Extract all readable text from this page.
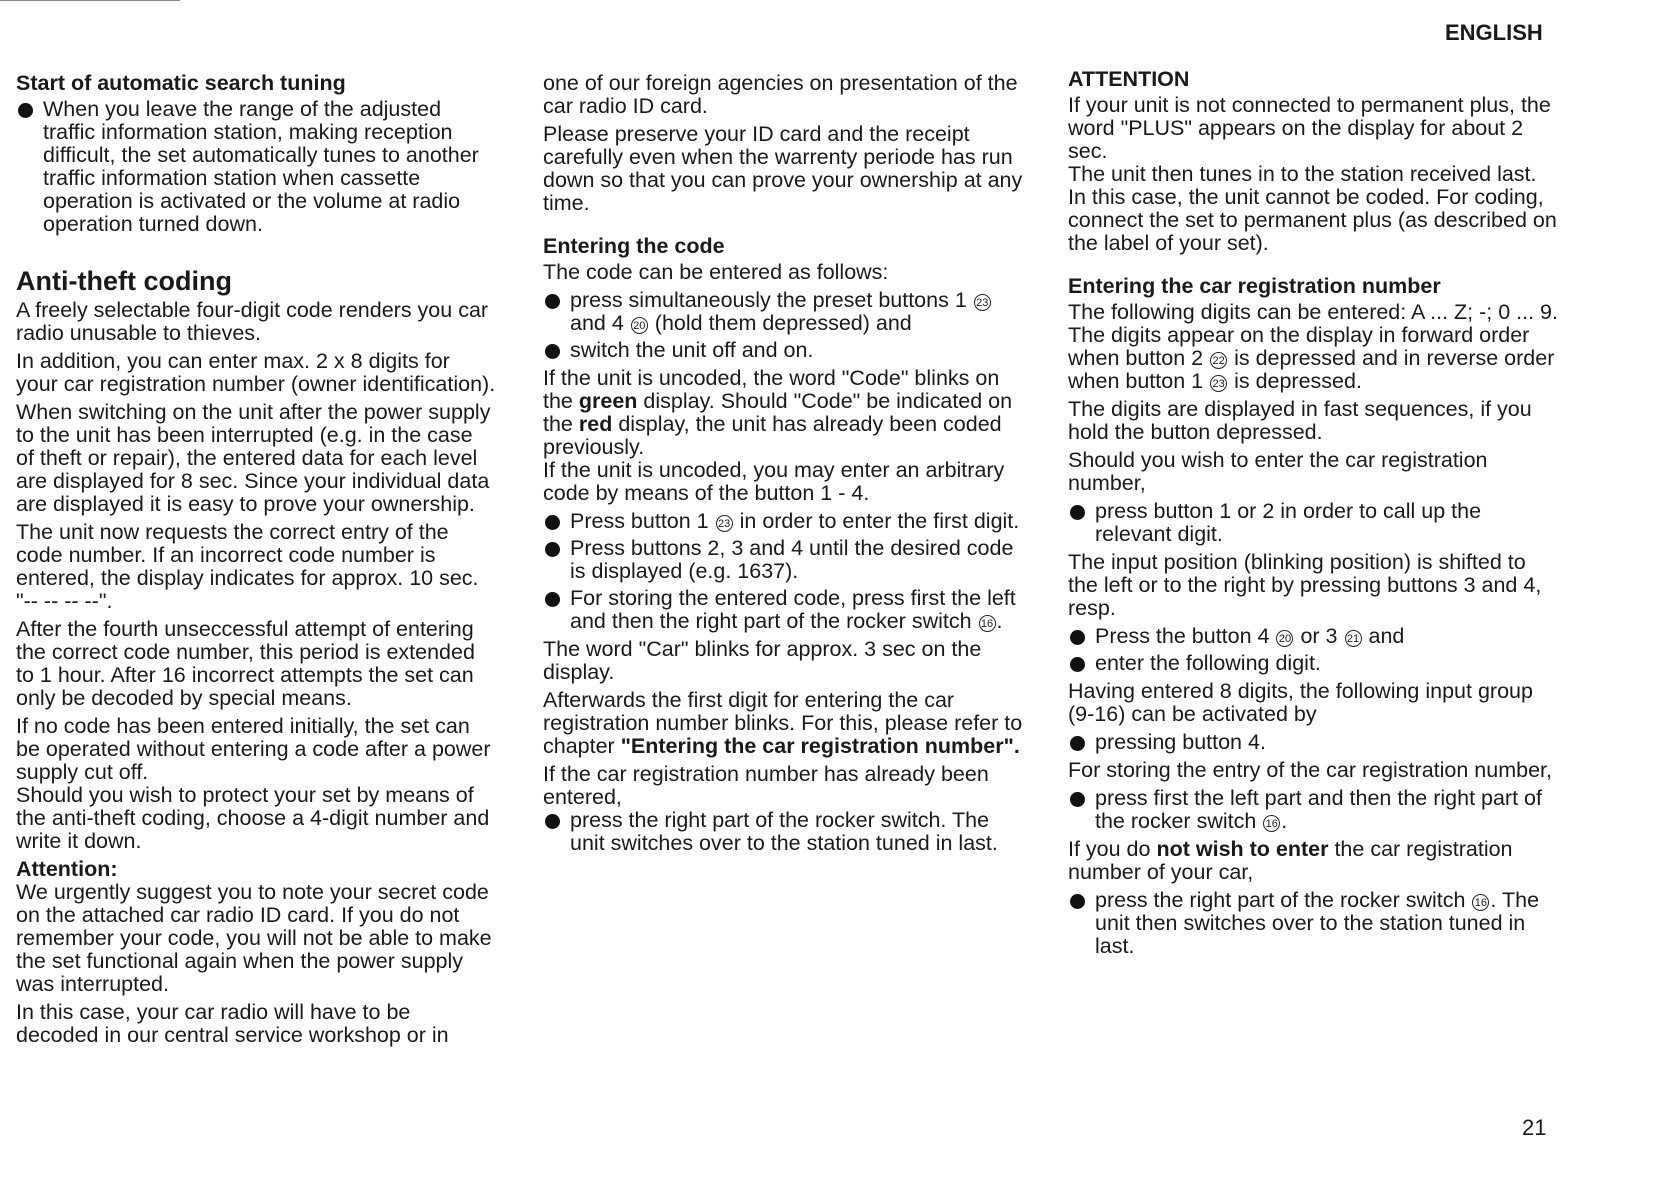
ENGLISH

Start of automatic search tuning

When you leave the range of the adjusted traffic information station, making reception difficult, the set automatically tunes to another traffic information station when cassette operation is activated or the volume at radio operation turned down.

Anti-theft coding

A freely selectable four-digit code renders you car radio unusable to thieves.

In addition, you can enter max. 2 x 8 digits for your car registration number (owner identification).

When switching on the unit after the power supply to the unit has been interrupted (e.g. in the case of theft or repair), the entered data for each level are displayed for 8 sec. Since your individual data are displayed it is easy to prove your ownership.

The unit now requests the correct entry of the code number. If an incorrect code number is entered, the display indicates for approx. 10 sec. "-- -- -- --".

After the fourth unseccessful attempt of entering the correct code number, this period is extended to 1 hour. After 16 incorrect attempts the set can only be decoded by special means.

If no code has been entered initially, the set can be operated without entering a code after a power supply cut off.

Should you wish to protect your set by means of the anti-theft coding, choose a 4-digit number and write it down.

Attention:

We urgently suggest you to note your secret code on the attached car radio ID card. If you do not remember your code, you will not be able to make the set functional again when the power supply was interrupted.

In this case, your car radio will have to be decoded in our central service workshop or in

one of our foreign agencies on presentation of the car radio ID card.

Please preserve your ID card and the receipt carefully even when the warrenty periode has run down so that you can prove your ownership at any time.

Entering the code

The code can be entered as follows:

press simultaneously the preset buttons 1 23 and 4 20 (hold them depressed) and
switch the unit off and on.

If the unit is uncoded, the word "Code" blinks on the green display. Should "Code" be indicated on the red display, the unit has already been coded previously.

If the unit is uncoded, you may enter an arbitrary code by means of the button 1 - 4.

Press button 1 23 in order to enter the first digit.
Press buttons 2, 3 and 4 until the desired code is displayed (e.g. 1637).
For storing the entered code, press first the left and then the right part of the rocker switch 16 .

The word "Car" blinks for approx. 3 sec on the display.

Afterwards the first digit for entering the car registration number blinks. For this, please refer to chapter "Entering the car registration number".

If the car registration number has already been entered,

press the right part of the rocker switch. The unit switches over to the station tuned in last.

ATTENTION

If your unit is not connected to permanent plus, the word "PLUS" appears on the display for about 2 sec.

The unit then tunes in to the station received last.

In this case, the unit cannot be coded. For coding, connect the set to permanent plus (as described on the label of your set).

Entering the car registration number

The following digits can be entered: A ... Z; -; 0 ... 9. The digits appear on the display in forward order when button 2 22 is depressed and in reverse order when button 1 23 is depressed.

The digits are displayed in fast sequences, if you hold the button depressed.

Should you wish to enter the car registration number,

press button 1 or 2 in order to call up the relevant digit.

The input position (blinking position) is shifted to the left or to the right by pressing buttons 3 and 4, resp.

Press the button 4 20 or 3 21 and
enter the following digit.

Having entered 8 digits, the following input group (9-16) can be activated by

pressing button 4.

For storing the entry of the car registration number,

press first the left part and then the right part of the rocker switch 16 .

If you do not wish to enter the car registration number of your car,

press the right part of the rocker switch 16 . The unit then switches over to the station tuned in last.
21
